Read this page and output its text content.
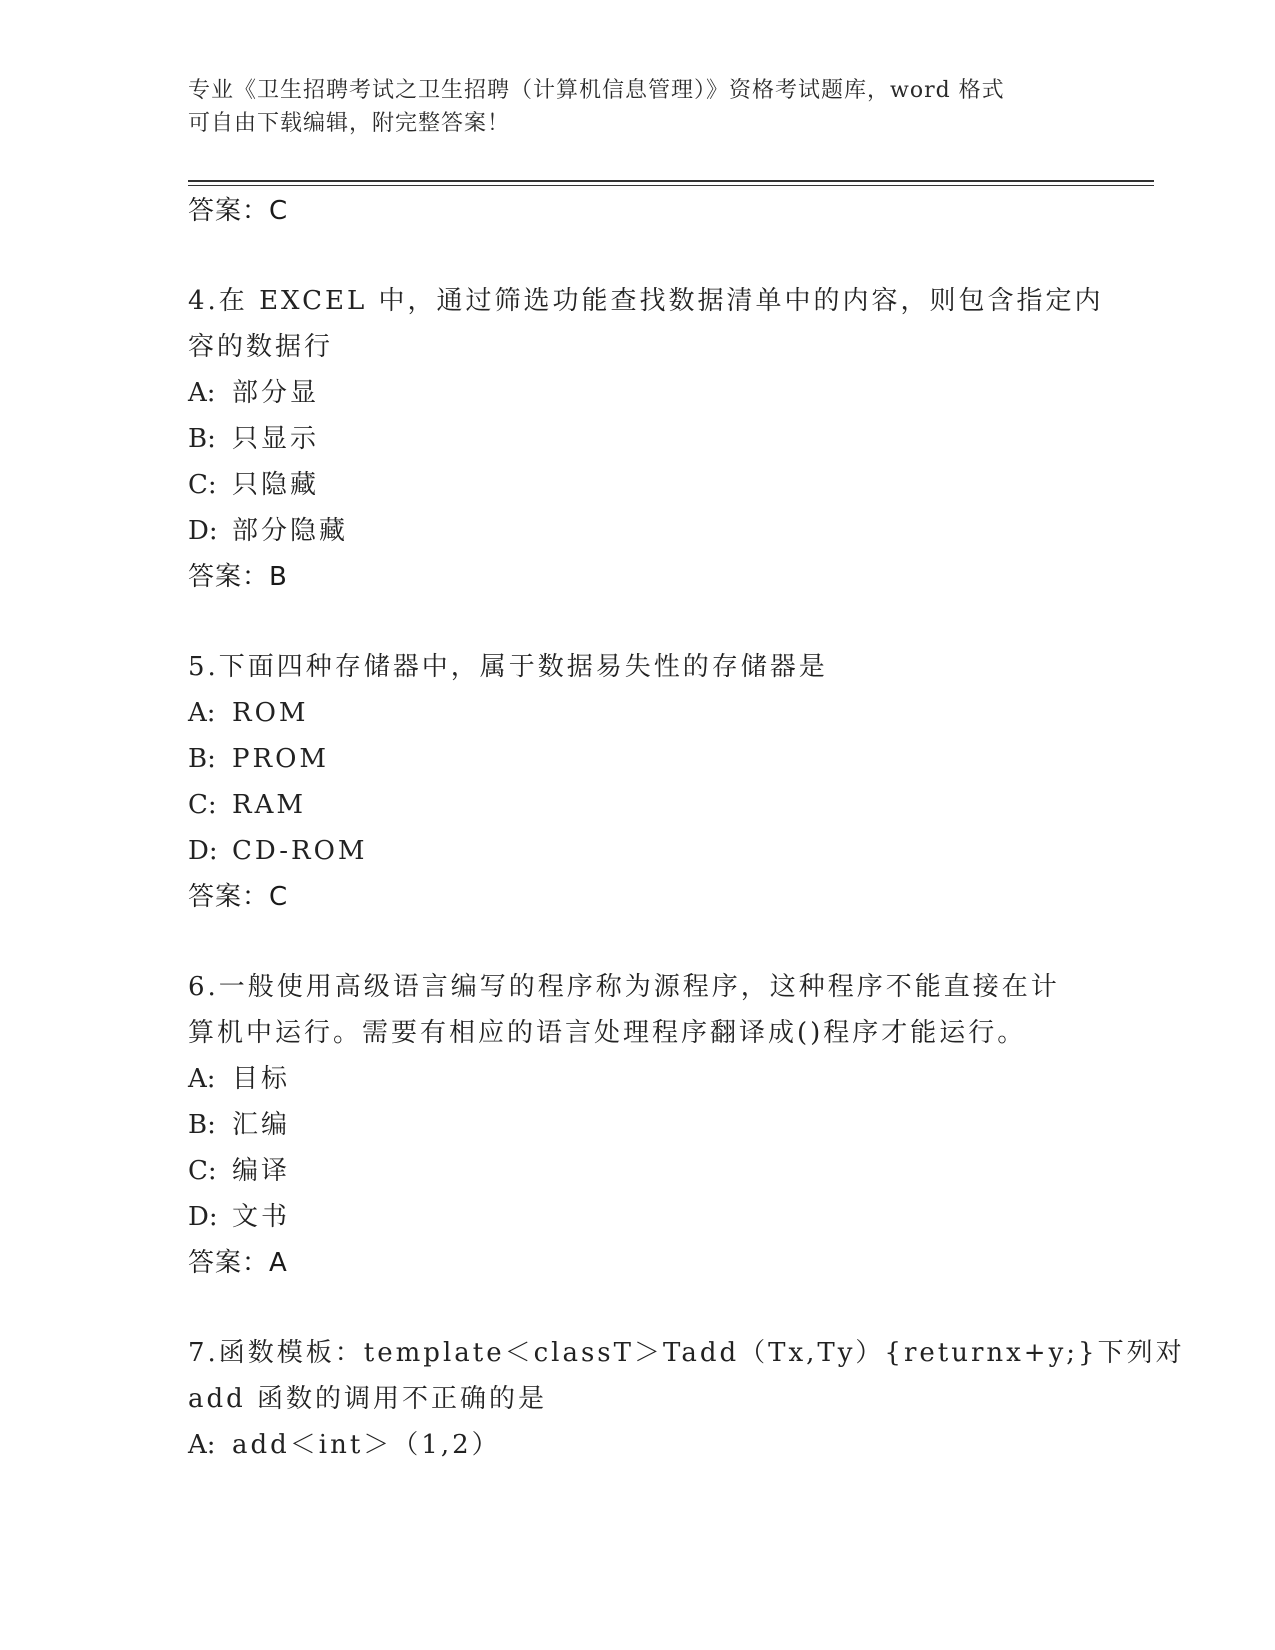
专业《卫生招聘考试之卫生招聘（计算机信息管理）》资格考试题库，word 格式
可自由下载编辑，附完整答案！
答案：C
4.在 EXCEL 中，通过筛选功能查找数据清单中的内容，则包含指定内
容的数据行
A: 部分显
B: 只显示
C: 只隐藏
D: 部分隐藏
答案：B
5.下面四种存储器中，属于数据易失性的存储器是
A: ROM
B: PROM
C: RAM
D: CD-ROM
答案：C
6.一般使用高级语言编写的程序称为源程序，这种程序不能直接在计
算机中运行。需要有相应的语言处理程序翻译成()程序才能运行。
A: 目标
B: 汇编
C: 编译
D: 文书
答案：A
7.函数模板：template＜classT＞Tadd（Tx,Ty）{returnx+y;}下列对
add 函数的调用不正确的是
A: add＜int＞（1,2）
